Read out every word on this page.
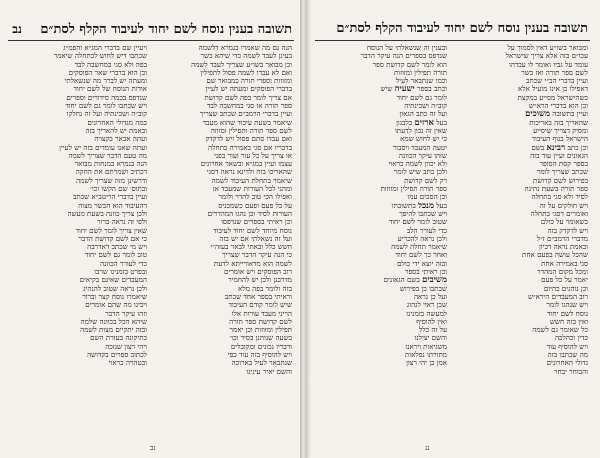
תשובה בענין נוסח לשם יחוד לעיבוד הקלף לסת״ם נב
הנה גם מה שאמרו בגמרא דלשמה
בעינן לעבד לשמה כדי שיהא כשר
וכן מבואר בשו״ע שצריך לעבד לשמה
ואם לא עבדו לשמה פסול לתפילין
ומזוזות וספרי תורה כמבואר שם
בדברי הפוסקים ומעתה יש לעיין
אם צריך לומר בפה לשם קדושת
ספר תורה או סגי במחשבה לבד
ועיין בדברי הרמב״ם שכתב שצריך
שיאמר בשעת עיבוד שהוא מעבד
לשם ספר תורה ותפילין ומזוזה
ואם עבדו סתם פסול ויש לדקדק
בדבריו אם סגי באמירה בתחלה
או צריך על כל עור ועור בפני
עצמו ועיין במג״א ובשאר אחרונים
שהאריכו בזה ולדינא נראה דסגי
שיאמר בתחלת העיבוד לשמה
ומהני לכל העורות שמעבד אז
ואפילו הכי טוב להדר ולומר
על כל פעם ופעם כשמכניס
העורות לסיד וכן נהגו המהדרים
וכן ראיתי בספרים שנדפסו
נוסח מיוחד לשם יחוד לעיבוד
ועל זה נשאלתי אם יש בזה
חשש כלל ובאתי לבאר בעזה״י
כי הנה עיקר הדבר שצריך
לשמה הוא מדאורייתא לדעת
רוב הפוסקים ויש אומרים
מדרבנן ולכן יש להחמיר
בזה ולומר בפה מלא
וראיתי בספר אחד שכתב
שיש לומר קודם העיבוד
הריני מעבד עורות אלו
לשם קדושת ספר תורה
תפילין ומזוזות וכן יאמר
בשעה שנותנן בסיד וכו׳
ודבריו נכונים ומקובלים
ויש להוסיף בזה עוד כפי
שנתבאר לעיל בארוכה
והשם יאיר עינינו
ויעיין שם בדברי המג״א והפמ״ג
שכתבו דיש לחוש לכתחלה שיאמר
בפה ולא סגי במחשבה לבד
וכן הוא בדברי שאר הפוסקים
ומעתה יש לברר מה שנשאלתי
אודות הנוסח של לשם יחוד
שנדפס בכמה סידורים וספרים
ויש שכתבו לומר גם לשם יחוד
קוב״ה ושכינתיה ועל זה נחלקו
כמה מגדולי האחרונים
ובאמת יש להאריך בזה
ועתה אבאר בקצרה
ועתה שאנו עומדים בזה יש לעיין
מה טעם הדבר שצריך לשמה
הנה בגמרא במנחות מבואר
דכתיב ושמרתם את החקה
ודרשינן מזה שצריך לשמה
ובתוס׳ שם הקשו וכו׳
ועיין בדברי הריטב״א שכתב
דהעיבוד הוא הכשר מצוה
ולכן צריך כוונה בשעת מעשה
ולפי זה נראה ברור
שאין צריך לומר לשם יחוד
כי אם לשם קדושת הדבר
ויש מי שכתב דאדרבה
טוב לומר גם לשם יחוד
כדי לעורר הכוונה
ובפרט בזמנינו שרבו
המעבדים שאינם בקיאים
ולכן נראה שטוב להנהיג
שיאמרו נוסח קצר וברור
ויבינו מה שהם אומרים
וזהו עיקר הדבר
שיהא הכל בכוונה שלמה
ובזה יתקיים מצות לשמה
כתיקונה בעזרת השם
ויהי רצון שנזכה
לכתוב ספרים בקדושה
ובטהרה כראוי
נב
תשובה בענין נוסח לשם יחוד לעיבוד הקלף לסת״ם
ומבואר בשו״ע דאין לסמוך על
עכו״ם בזה אלא צריך שישראל
עומד על גביו ואומר לו עבדהו
לשם ספר תורה ואז כשר
ועיין בדברי הב״י שכתב
דאפילו כן אינו מועיל אלא
כשהישראל מסייע במקצת
וכן הוא בדברי הרא״ש
ועיין בתשובה משוכים
שהאריך בזה באריכות
ומסיק דצריך שיסייע
הישראל בגוף העיבוד
וכן כתב רבינא בשם
הגאונים ועיין עוד בזה
בספר קסת הסופר
שכתב שצריך לומר
בפירוש לשם קדושת
ספר תורה בשעת נתינה
לסיד ולא סגי בתחלה
ויש חולקים על זה
ואומרים דסגי בתחלה
כשאומר על כולם
ויש לדקדק בזה
מדברי הרמב״ם ז״ל
ובאמת נראה דכיון
שהכל עושה בפעם אחת
סגי באמירה אחת
ומכל מקום המהדר
יאמר על כל פעם
וכן נוהגים כהיום
רוב המעבדים הירא״ש
ויש שנהגו לומר
נוסח לשם יחוד
ואין בזה חשש
כל שאומר גם לשמה
כדין וכהלכה
ויש להוסיף עוד
מה שכתבו בזה
גדולי האחרונים
והבוחר יבחר
ובענין זה שנשאלתי על הנוסח
שנדפס בספרים הנה עיקר הדבר
הוא לומר לשם קדושת ספר
תורה תפילין ומזוזות
וכמו שנתבאר לעיל
וכתב בספר ישעיה שיש
לומר גם לשם יחוד
קוב״ה ושכינתיה
ועל זה כתב הגאון
בעל ארזים בלבנון
שאין זה נכון לדעתו
כי יש לחוש שמא
יטעה המעבד ויסבור
שזהו עיקר הכוונה
ולא יכוון לשמה כראוי
ולכן כתב שיש לומר
רק לשם קדושת
ספר תורה תפילין ומזוזות
וכן הסכים עמו
בעל מנכל בתשובתו
ויש שכתבו להיפך
שטוב לומר לשם יחוד
כדי לעורר הלב
ולכן נראה להכריע
שיאמר תחלה לשמה
ואחר כך לשם יחוד
ובזה יוצא ידי כולם
וכן ראיתי בספר
משיבים בשם הגאונים
שכתבו כן בפירוש
ועל כן נראה
שכן ראוי לנהוג
למעשה בזמנינו
ואין להוסיף
על זה כלל
והשם יצילנו
משגיאות ויראנו
מתורתו נפלאות
אמן כן יהי רצון
נג
